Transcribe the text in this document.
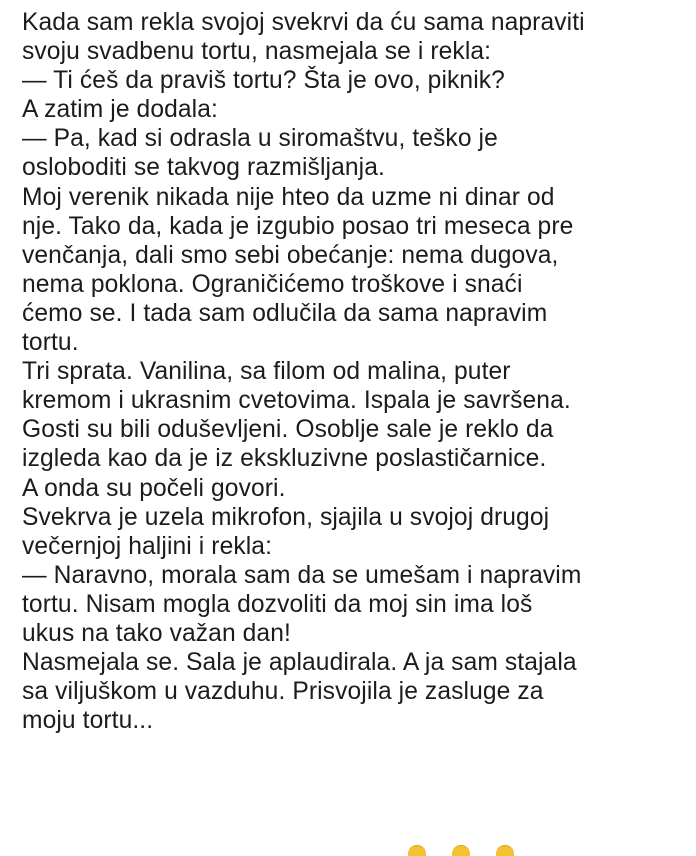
Kada sam rekla svojoj svekrvi da ću sama napraviti
svoju svadbenu tortu, nasmejala se i rekla:
— Ti ćeš da praviš tortu? Šta je ovo, piknik?
A zatim je dodala:
— Pa, kad si odrasla u siromaštvu, teško je
osloboditi se takvog razmišljanja.
Moj verenik nikada nije hteo da uzme ni dinar od
nje. Tako da, kada je izgubio posao tri meseca pre
venčanja, dali smo sebi obećanje: nema dugova,
nema poklona. Ograničićemo troškove i snaći
ćemo se. I tada sam odlučila da sama napravim
tortu.
Tri sprata. Vanilina, sa filom od malina, puter
kremom i ukrasnim cvetovima. Ispala je savršena.
Gosti su bili oduševljeni. Osoblje sale je reklo da
izgleda kao da je iz ekskluzivne poslastičarnice.
A onda su počeli govori.
Svekrva je uzela mikrofon, sjajila u svojoj drugoj
večernjoj haljini i rekla:
— Naravno, morala sam da se umešam i napravim
tortu. Nisam mogla dozvoliti da moj sin ima loš
ukus na tako važan dan!
Nasmejala se. Sala je aplaudirala. A ja sam stajala
sa viljuškom u vazduhu. Prisvojila je zasluge za
moju tortu...
